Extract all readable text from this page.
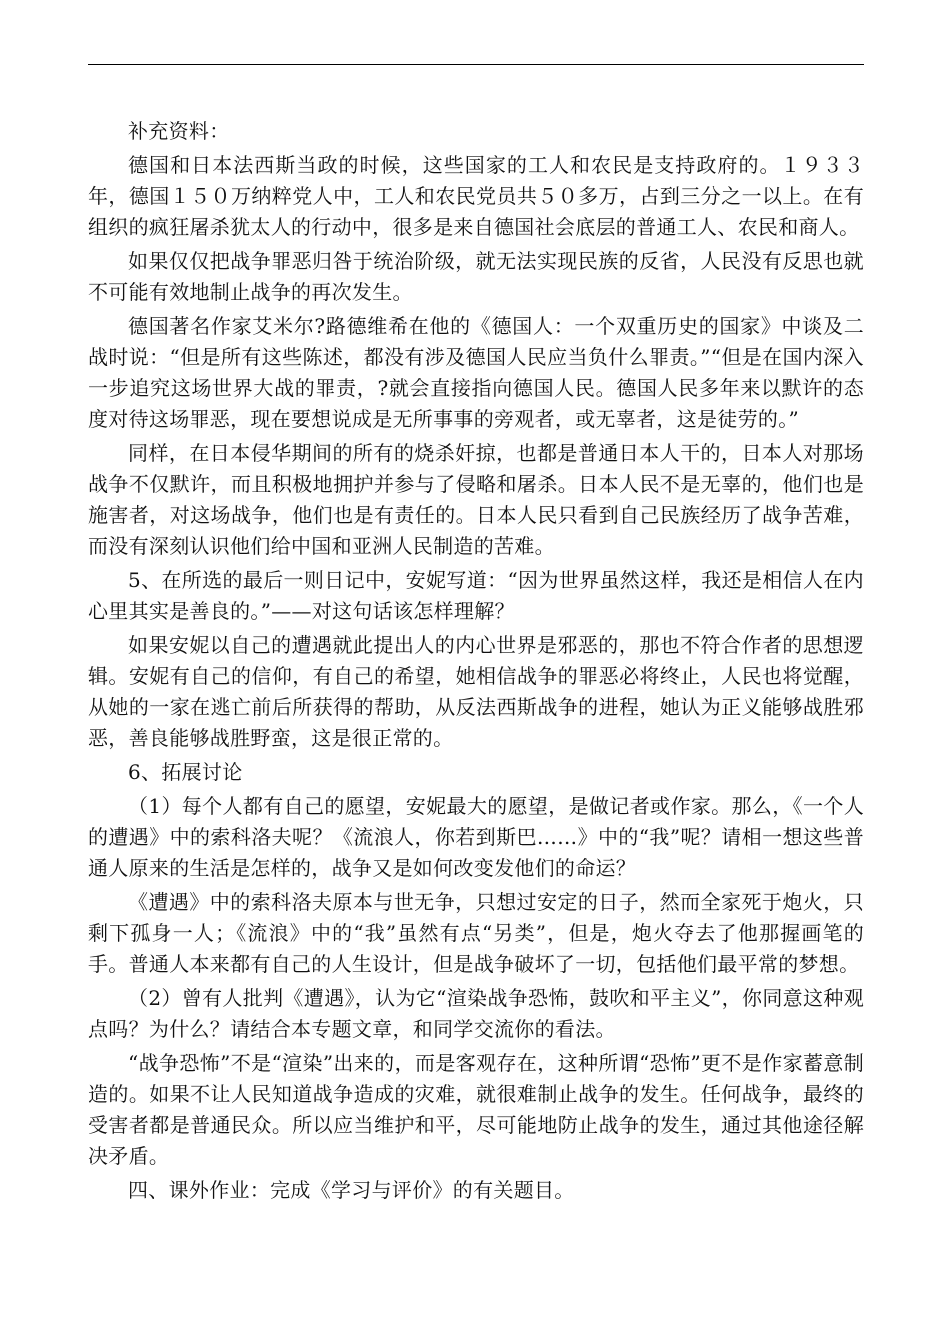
补充资料：

德国和日本法西斯当政的时候，这些国家的工人和农民是支持政府的。１９３３年，德国１５０万纳粹党人中，工人和农民党员共５０多万，占到三分之一以上。在有组织的疯狂屠杀犹太人的行动中，很多是来自德国社会底层的普通工人、农民和商人。

如果仅仅把战争罪恶归咎于统治阶级，就无法实现民族的反省，人民没有反思也就不可能有效地制止战争的再次发生。

德国著名作家艾米尔?路德维希在他的《德国人：一个双重历史的国家》中谈及二战时说：“但是所有这些陈述，都没有涉及德国人民应当负什么罪责。”“但是在国内深入一步追究这场世界大战的罪责，?就会直接指向德国人民。德国人民多年来以默许的态度对待这场罪恶，现在要想说成是无所事事的旁观者，或无辜者，这是徒劳的。”

同样，在日本侵华期间的所有的烧杀奸掠，也都是普通日本人干的，日本人对那场战争不仅默许，而且积极地拥护并参与了侵略和屠杀。日本人民不是无辜的，他们也是施害者，对这场战争，他们也是有责任的。日本人民只看到自己民族经历了战争苦难，而没有深刻认识他们给中国和亚洲人民制造的苦难。

5、在所选的最后一则日记中，安妮写道：“因为世界虽然这样，我还是相信人在内心里其实是善良的。”——对这句话该怎样理解？

如果安妮以自己的遭遇就此提出人的内心世界是邪恶的，那也不符合作者的思想逻辑。安妮有自己的信仰，有自己的希望，她相信战争的罪恶必将终止，人民也将觉醒，从她的一家在逃亡前后所获得的帮助，从反法西斯战争的进程，她认为正义能够战胜邪恶，善良能够战胜野蛮，这是很正常的。

6、拓展讨论

（1）每个人都有自己的愿望，安妮最大的愿望，是做记者或作家。那么，《一个人的遭遇》中的索科洛夫呢？《流浪人，你若到斯巴……》中的“我”呢？请相一想这些普通人原来的生活是怎样的，战争又是如何改变发他们的命运？

《遭遇》中的索科洛夫原本与世无争，只想过安定的日子，然而全家死于炮火，只剩下孤身一人；《流浪》中的“我”虽然有点“另类”，但是，炮火夺去了他那握画笔的手。普通人本来都有自己的人生设计，但是战争破坏了一切，包括他们最平常的梦想。

（2）曾有人批判《遭遇》，认为它“渲染战争恐怖，鼓吹和平主义”，你同意这种观点吗？为什么？请结合本专题文章，和同学交流你的看法。

“战争恐怖”不是“渲染”出来的，而是客观存在，这种所谓“恐怖”更不是作家蓄意制造的。如果不让人民知道战争造成的灾难，就很难制止战争的发生。任何战争，最终的受害者都是普通民众。所以应当维护和平，尽可能地防止战争的发生，通过其他途径解决矛盾。

四、课外作业：完成《学习与评价》的有关题目。
